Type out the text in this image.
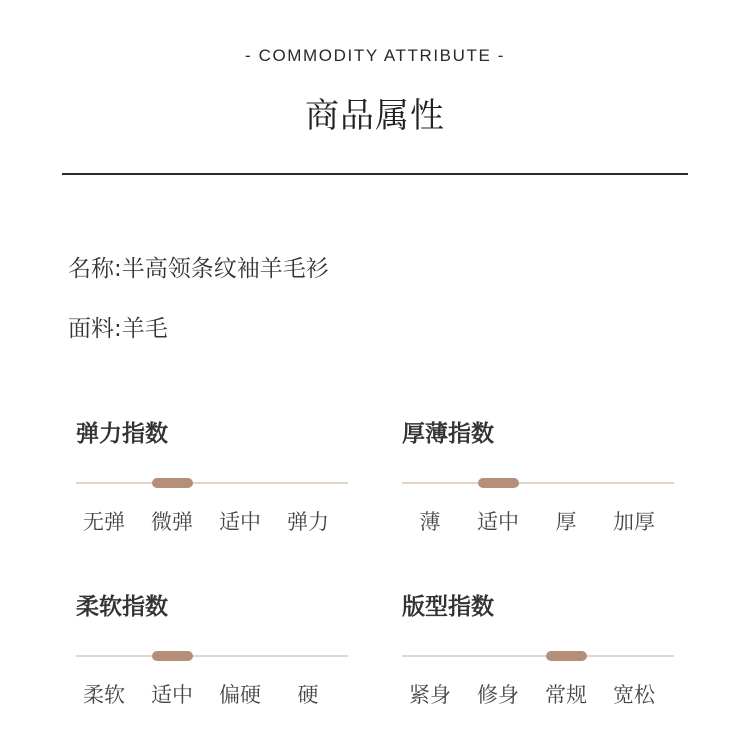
- COMMODITY ATTRIBUTE -
商品属性
名称:半高领条纹袖羊毛衫
面料:羊毛
弹力指数
无弹	微弹	适中	弹力
厚薄指数
薄	适中	厚	加厚
柔软指数
柔软	适中	偏硬	硬
版型指数
紧身	修身	常规	宽松
